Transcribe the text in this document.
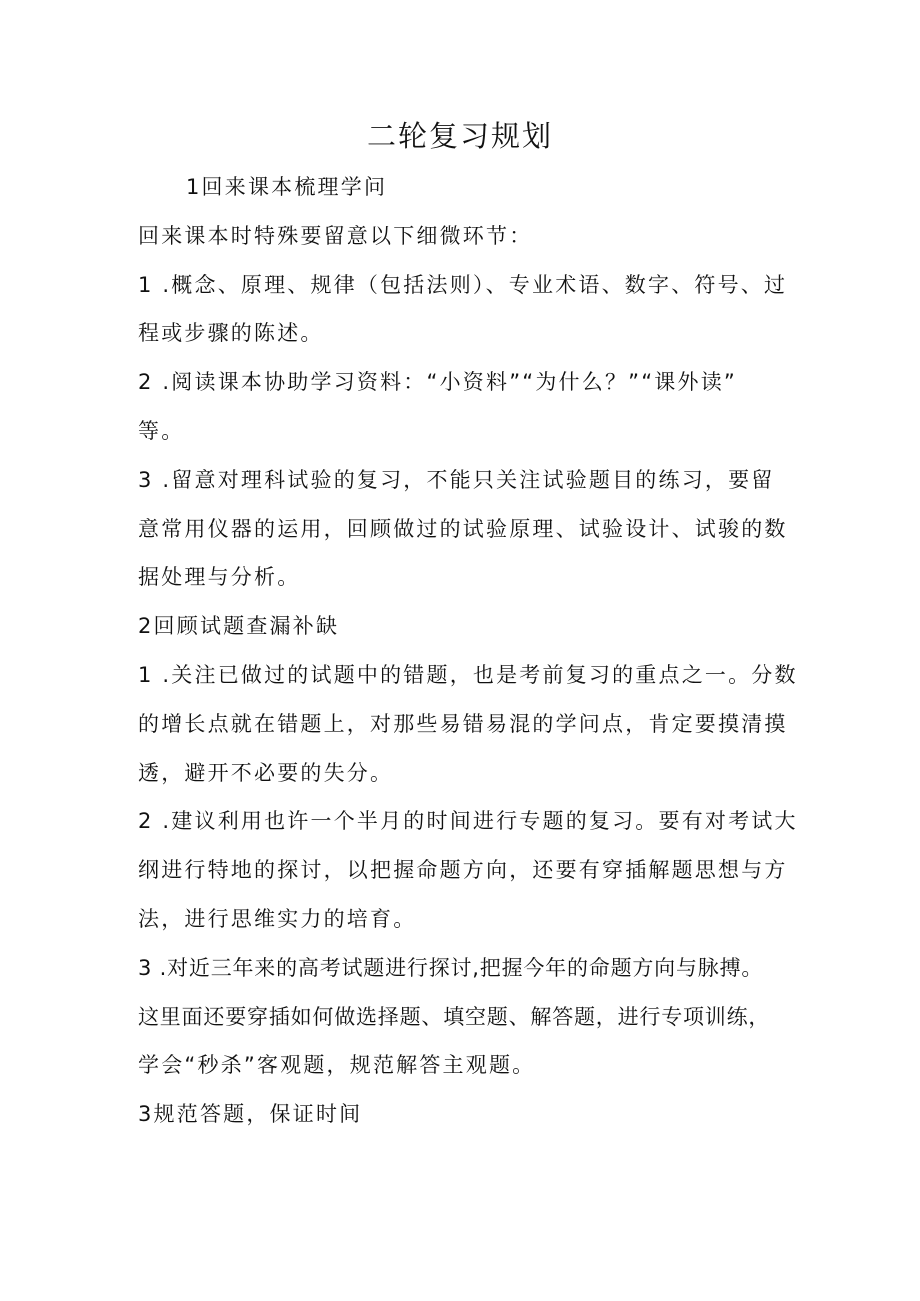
二轮复习规划
1回来课本梳理学问
回来课本时特殊要留意以下细微环节：
1 .概念、原理、规律（包括法则）、专业术语、数字、符号、过
程或步骤的陈述。
2 .阅读课本协助学习资料：“小资料”“为什么？”“课外读”
等。
3 .留意对理科试验的复习，不能只关注试验题目的练习，要留
意常用仪器的运用，回顾做过的试验原理、试验设计、试骏的数
据处理与分析。
2回顾试题查漏补缺
1 .关注已做过的试题中的错题，也是考前复习的重点之一。分数
的增长点就在错题上，对那些易错易混的学问点，肯定要摸清摸
透，避开不必要的失分。
2 .建议利用也许一个半月的时间进行专题的复习。要有对考试大
纲进行特地的探讨，以把握命题方向，还要有穿插解题思想与方
法，进行思维实力的培育。
3 .对近三年来的高考试题进行探讨,把握今年的命题方向与脉搏。
这里面还要穿插如何做选择题、填空题、解答题，进行专项训练，
学会“秒杀”客观题，规范解答主观题。
3规范答题，保证时间
